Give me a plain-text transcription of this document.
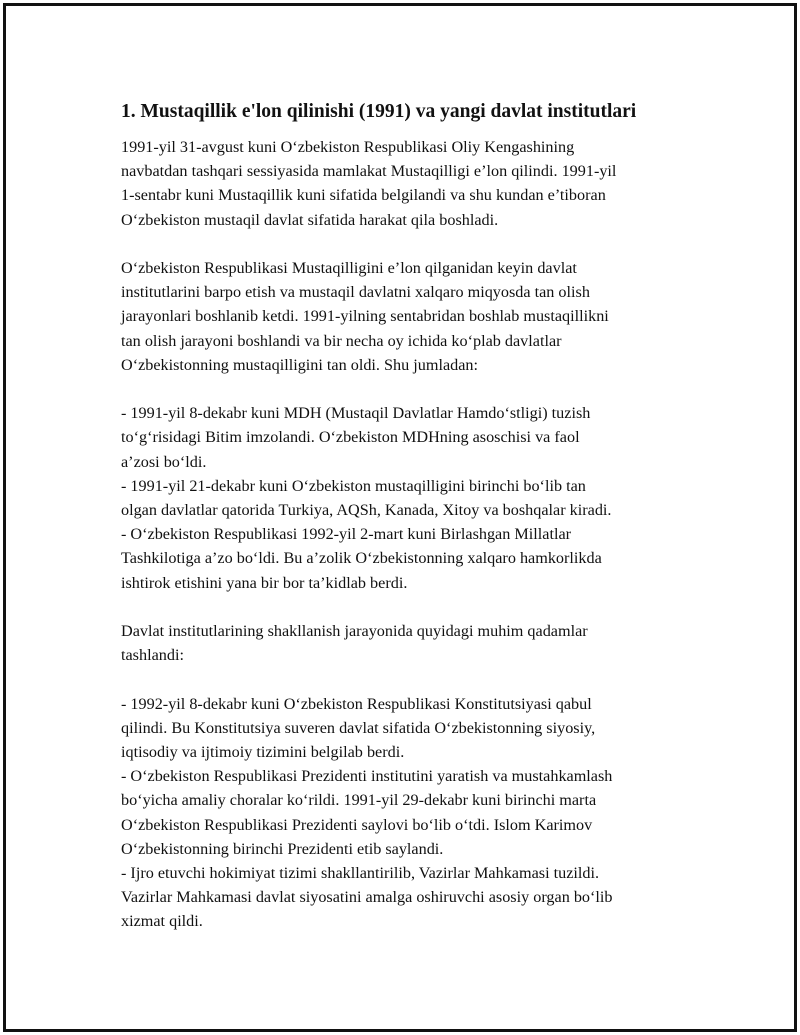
1. Mustaqillik e'lon qilinishi (1991) va yangi davlat institutlari

1991-yil 31-avgust kuni O‘zbekiston Respublikasi Oliy Kengashining
navbatdan tashqari sessiyasida mamlakat Mustaqilligi e’lon qilindi. 1991-yil
1-sentabr kuni Mustaqillik kuni sifatida belgilandi va shu kundan e’tiboran
O‘zbekiston mustaqil davlat sifatida harakat qila boshladi.

O‘zbekiston Respublikasi Mustaqilligini e’lon qilganidan keyin davlat
institutlarini barpo etish va mustaqil davlatni xalqaro miqyosda tan olish
jarayonlari boshlanib ketdi. 1991-yilning sentabridan boshlab mustaqillikni
tan olish jarayoni boshlandi va bir necha oy ichida ko‘plab davlatlar
O‘zbekistonning mustaqilligini tan oldi. Shu jumladan:

- 1991-yil 8-dekabr kuni MDH (Mustaqil Davlatlar Hamdo‘stligi) tuzish
to‘g‘risidagi Bitim imzolandi. O‘zbekiston MDHning asoschisi va faol
a’zosi bo‘ldi.
- 1991-yil 21-dekabr kuni O‘zbekiston mustaqilligini birinchi bo‘lib tan
olgan davlatlar qatorida Turkiya, AQSh, Kanada, Xitoy va boshqalar kiradi.
- O‘zbekiston Respublikasi 1992-yil 2-mart kuni Birlashgan Millatlar
Tashkilotiga a’zo bo‘ldi. Bu a’zolik O‘zbekistonning xalqaro hamkorlikda
ishtirok etishini yana bir bor ta’kidlab berdi.

Davlat institutlarining shakllanish jarayonida quyidagi muhim qadamlar
tashlandi:

- 1992-yil 8-dekabr kuni O‘zbekiston Respublikasi Konstitutsiyasi qabul
qilindi. Bu Konstitutsiya suveren davlat sifatida O‘zbekistonning siyosiy,
iqtisodiy va ijtimoiy tizimini belgilab berdi.
- O‘zbekiston Respublikasi Prezidenti institutini yaratish va mustahkamlash
bo‘yicha amaliy choralar ko‘rildi. 1991-yil 29-dekabr kuni birinchi marta
O‘zbekiston Respublikasi Prezidenti saylovi bo‘lib o‘tdi. Islom Karimov
O‘zbekistonning birinchi Prezidenti etib saylandi.
- Ijro etuvchi hokimiyat tizimi shakllantirilib, Vazirlar Mahkamasi tuzildi.
Vazirlar Mahkamasi davlat siyosatini amalga oshiruvchi asosiy organ bo‘lib
xizmat qildi.
